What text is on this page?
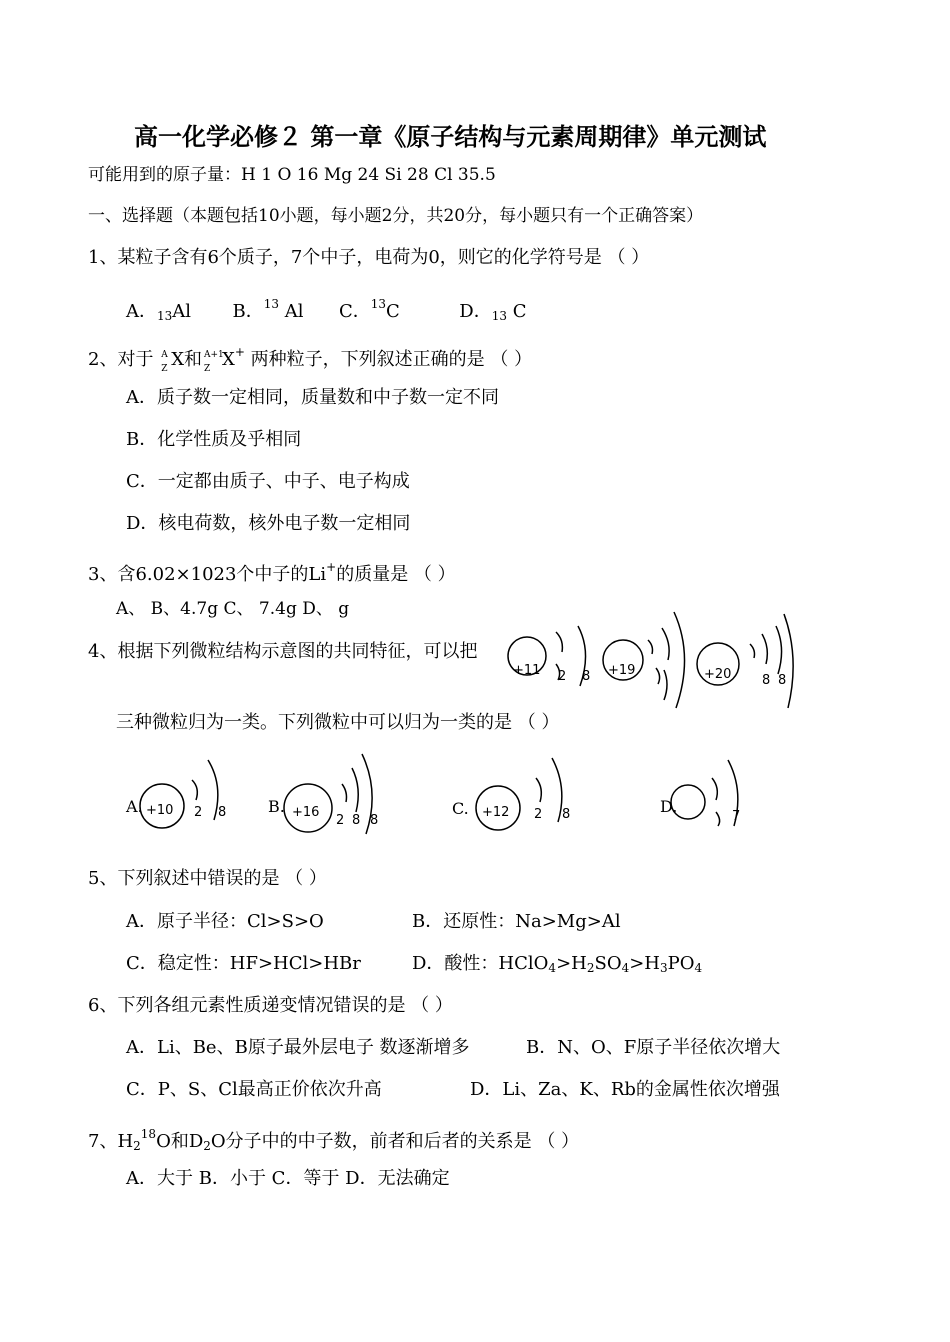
高一化学必修２ 第一章《原子结构与元素周期律》单元测试
可能用到的原子量：H 1 O 16 Mg 24 Si 28 Cl 35.5
一、选择题（本题包括10小题，每小题2分，共20分，每小题只有一个正确答案）
1、某粒子含有6个质子，7个中子，电荷为0，则它的化学符号是 （ ）
A．$_{13}$Al B．$^{13}$ Al C．$^{13}$C	D．$_{13}$ C
2、对于 A
Z X和 A+1
Z X+ 两种粒子，下列叙述正确的是 （ ）
A．质子数一定相同，质量数和中子数一定不同
B．化学性质及乎相同
C．一定都由质子、中子、电子构成
D．核电荷数，核外电子数一定相同
3、含6.02×1023个中子的Li+的质量是 （ ）
A、 B、4.7g C、 7.4g D、 g
4、根据下列微粒结构示意图的共同特征，可以把
三种微粒归为一类。下列微粒中可以归为一类的是 （ ）
+11 2 8 +19	+20 8 8
A. +10 2 8	B. +16
2 8 8
C. +12 2 8	D.
7
5、下列叙述中错误的是 （ ）
A．原子半径：Cl>S>O	B．还原性：Na>Mg>Al
C．稳定性：HF>HCl>HBr	D．酸性：$HClO_4>H_2SO_4>H_3PO_4$
6、下列各组元素性质递变情况错误的是 （ ）
A．Li、Be、B原子最外层电子 数逐渐增多	B．N、O、F原子半径依次增大
C．P、S、Cl最高正价依次升高	D．Li、Za、K、Rb的金属性依次增强
7、$H_2^{18}O$和$D_2O$分子中的中子数，前者和后者的关系是 （ ）
A．大于 B．小于 C．等于 D．无法确定
